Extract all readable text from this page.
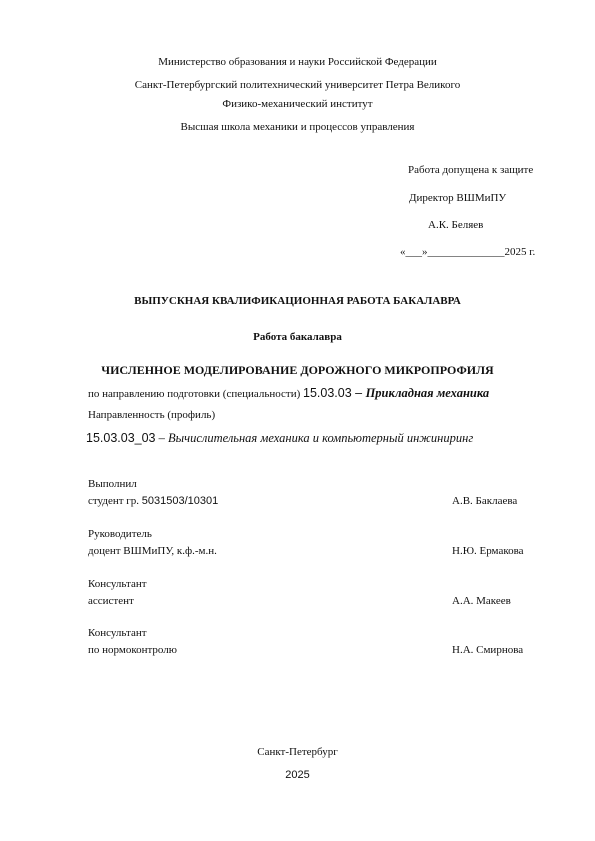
Министерство образования и науки Российской Федерации
Санкт-Петербургский политехнический университет Петра Великого
Физико-механический институт
Высшая школа механики и процессов управления
Работа допущена к защите
Директор ВШМиПУ
А.К. Беляев
«___»______________2025 г.
ВЫПУСКНАЯ КВАЛИФИКАЦИОННАЯ РАБОТА БАКАЛАВРА
Работа бакалавра
ЧИСЛЕННОЕ МОДЕЛИРОВАНИЕ ДОРОЖНОГО МИКРОПРОФИЛЯ
по направлению подготовки (специальности) 15.03.03 – Прикладная механика
Направленность (профиль)
15.03.03_03 – Вычислительная механика и компьютерный инжиниринг
Выполнил
студент гр. 5031503/10301	А.В. Баклаева
Руководитель
доцент ВШМиПУ, к.ф.-м.н.	Н.Ю. Ермакова
Консультант
ассистент	А.А. Макеев
Консультант
по нормоконтролю	Н.А. Смирнова
Санкт-Петербург
2025
